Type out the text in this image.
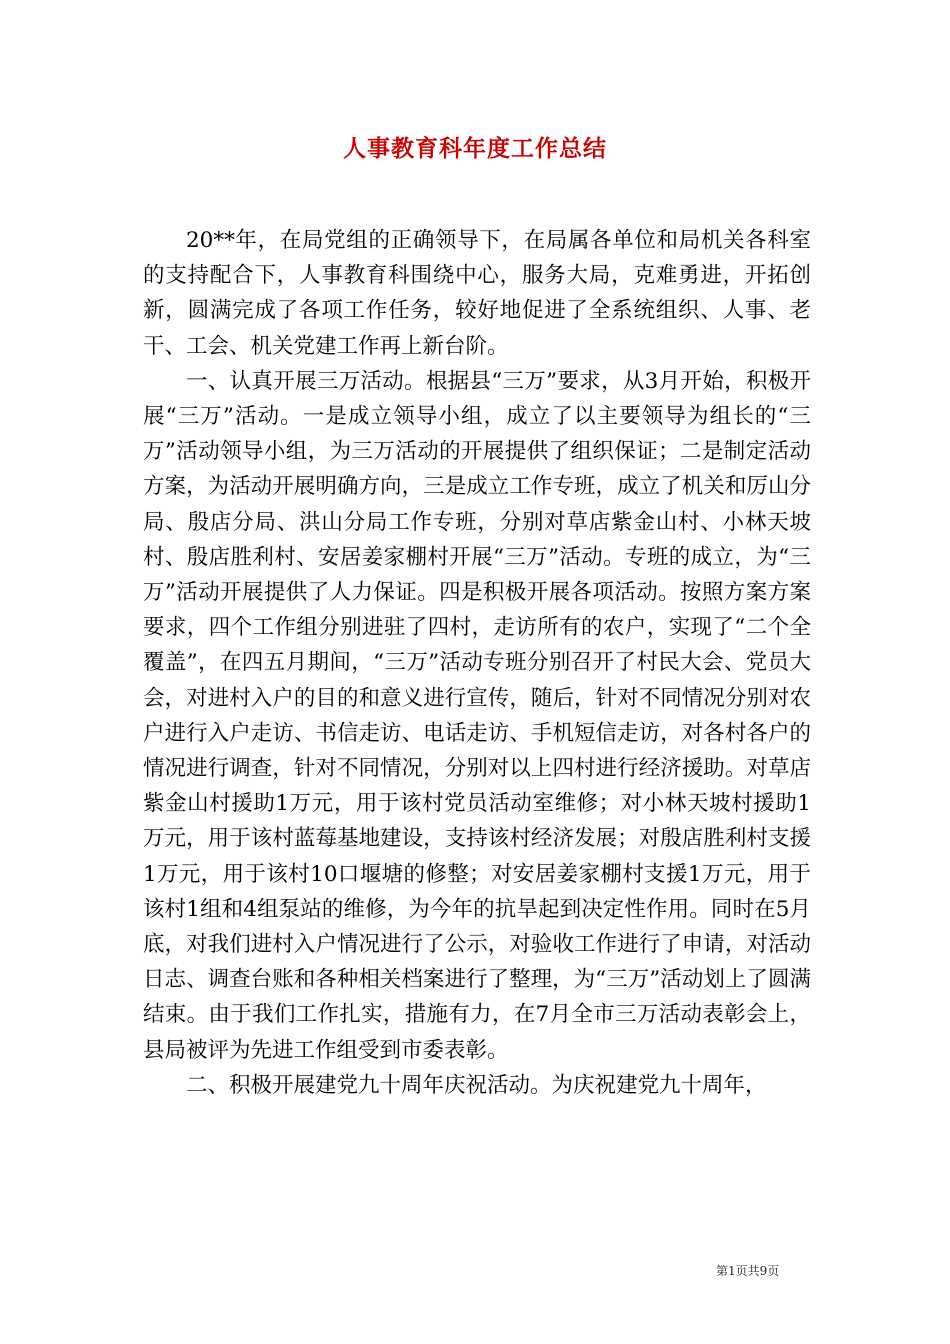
人事教育科年度工作总结

20**年，在局党组的正确领导下，在局属各单位和局机关各科室的支持配合下，人事教育科围绕中心，服务大局，克难勇进，开拓创新，圆满完成了各项工作任务，较好地促进了全系统组织、人事、老干、工会、机关党建工作再上新台阶。

一、认真开展三万活动。根据县“三万”要求，从3月开始，积极开展“三万”活动。一是成立领导小组，成立了以主要领导为组长的“三万”活动领导小组，为三万活动的开展提供了组织保证；二是制定活动方案，为活动开展明确方向，三是成立工作专班，成立了机关和厉山分局、殷店分局、洪山分局工作专班，分别对草店紫金山村、小林天坡村、殷店胜利村、安居姜家棚村开展“三万”活动。专班的成立，为“三万”活动开展提供了人力保证。四是积极开展各项活动。按照方案方案要求，四个工作组分别进驻了四村，走访所有的农户，实现了“二个全覆盖”，在四五月期间，“三万”活动专班分别召开了村民大会、党员大会，对进村入户的目的和意义进行宣传，随后，针对不同情况分别对农户进行入户走访、书信走访、电话走访、手机短信走访，对各村各户的情况进行调查，针对不同情况，分别对以上四村进行经济援助。对草店紫金山村援助1万元，用于该村党员活动室维修；对小林天坡村援助1万元，用于该村蓝莓基地建设，支持该村经济发展；对殷店胜利村支援1万元，用于该村10口堰塘的修整；对安居姜家棚村支援1万元，用于该村1组和4组泵站的维修，为今年的抗旱起到决定性作用。同时在5月底，对我们进村入户情况进行了公示，对验收工作进行了申请，对活动日志、调查台账和各种相关档案进行了整理，为“三万”活动划上了圆满结束。由于我们工作扎实，措施有力，在7月全市三万活动表彰会上，县局被评为先进工作组受到市委表彰。

二、积极开展建党九十周年庆祝活动。为庆祝建党九十周年，

第1页共9页
